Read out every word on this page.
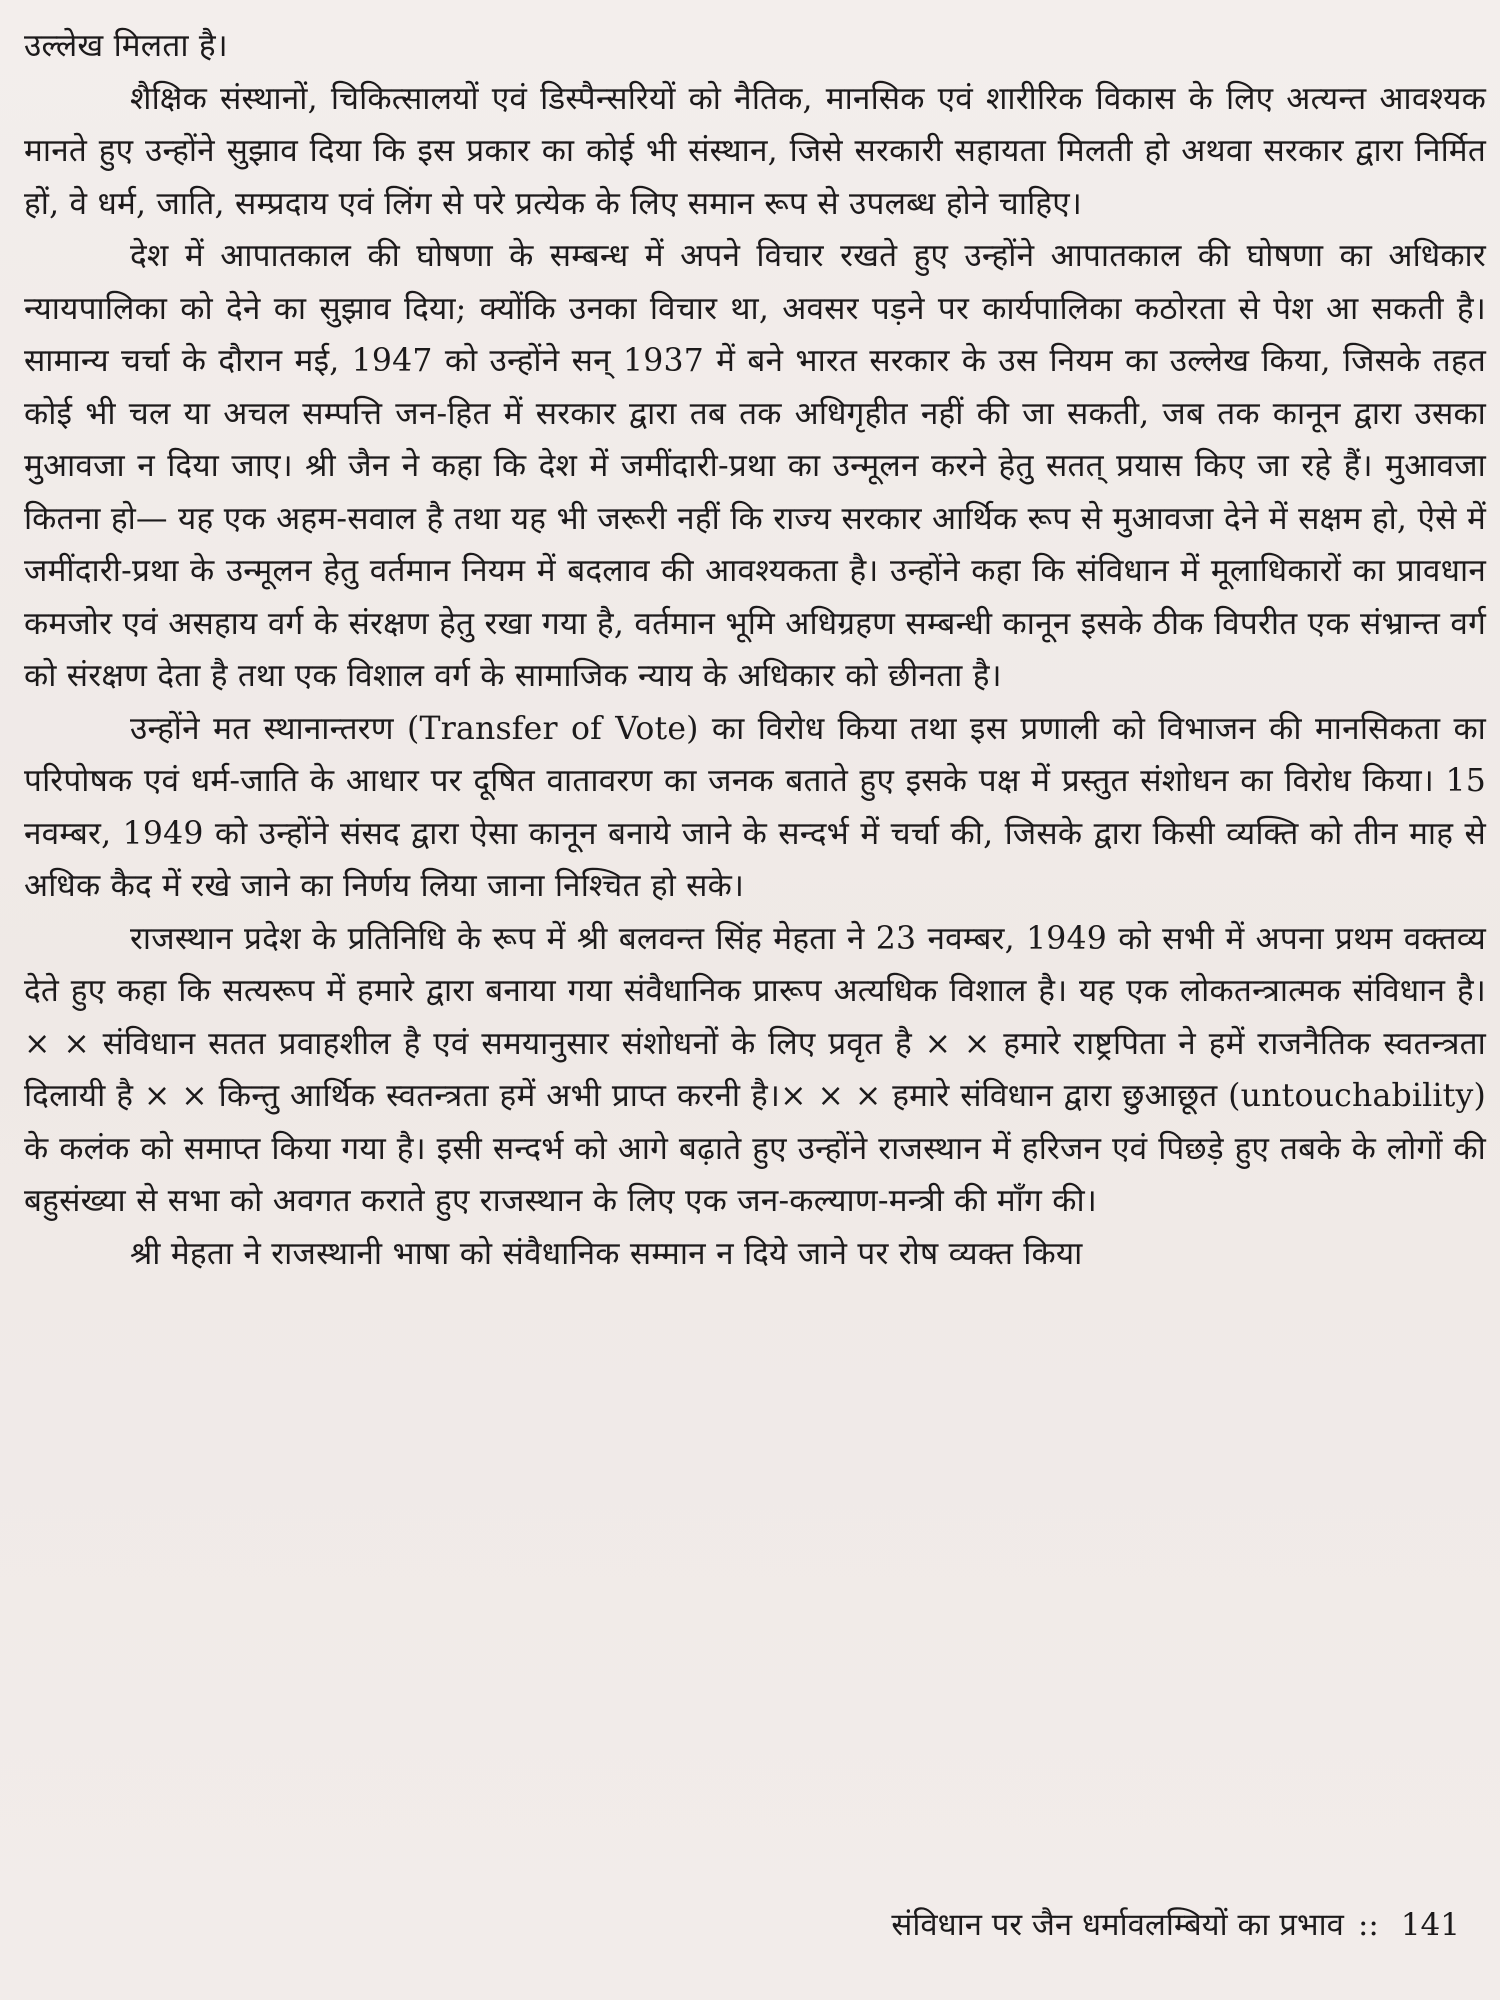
उल्लेख मिलता है।

शैक्षिक संस्थानों, चिकित्सालयों एवं डिस्पैन्सरियों को नैतिक, मानसिक एवं शारीरिक विकास के लिए अत्यन्त आवश्यक मानते हुए उन्होंने सुझाव दिया कि इस प्रकार का कोई भी संस्थान, जिसे सरकारी सहायता मिलती हो अथवा सरकार द्वारा निर्मित हों, वे धर्म, जाति, सम्प्रदाय एवं लिंग से परे प्रत्येक के लिए समान रूप से उपलब्ध होने चाहिए।

देश में आपातकाल की घोषणा के सम्बन्ध में अपने विचार रखते हुए उन्होंने आपातकाल की घोषणा का अधिकार न्यायपालिका को देने का सुझाव दिया; क्योंकि उनका विचार था, अवसर पड़ने पर कार्यपालिका कठोरता से पेश आ सकती है। सामान्य चर्चा के दौरान मई, 1947 को उन्होंने सन् 1937 में बने भारत सरकार के उस नियम का उल्लेख किया, जिसके तहत कोई भी चल या अचल सम्पत्ति जन-हित में सरकार द्वारा तब तक अधिगृहीत नहीं की जा सकती, जब तक कानून द्वारा उसका मुआवजा न दिया जाए। श्री जैन ने कहा कि देश में जमींदारी-प्रथा का उन्मूलन करने हेतु सतत् प्रयास किए जा रहे हैं। मुआवजा कितना हो— यह एक अहम-सवाल है तथा यह भी जरूरी नहीं कि राज्य सरकार आर्थिक रूप से मुआवजा देने में सक्षम हो, ऐसे में जमींदारी-प्रथा के उन्मूलन हेतु वर्तमान नियम में बदलाव की आवश्यकता है। उन्होंने कहा कि संविधान में मूलाधिकारों का प्रावधान कमजोर एवं असहाय वर्ग के संरक्षण हेतु रखा गया है, वर्तमान भूमि अधिग्रहण सम्बन्धी कानून इसके ठीक विपरीत एक संभ्रान्त वर्ग को संरक्षण देता है तथा एक विशाल वर्ग के सामाजिक न्याय के अधिकार को छीनता है।

उन्होंने मत स्थानान्तरण (Transfer of Vote) का विरोध किया तथा इस प्रणाली को विभाजन की मानसिकता का परिपोषक एवं धर्म-जाति के आधार पर दूषित वातावरण का जनक बताते हुए इसके पक्ष में प्रस्तुत संशोधन का विरोध किया। 15 नवम्बर, 1949 को उन्होंने संसद द्वारा ऐसा कानून बनाये जाने के सन्दर्भ में चर्चा की, जिसके द्वारा किसी व्यक्ति को तीन माह से अधिक कैद में रखे जाने का निर्णय लिया जाना निश्चित हो सके।

राजस्थान प्रदेश के प्रतिनिधि के रूप में श्री बलवन्त सिंह मेहता ने 23 नवम्बर, 1949 को सभी में अपना प्रथम वक्तव्य देते हुए कहा कि सत्यरूप में हमारे द्वारा बनाया गया संवैधानिक प्रारूप अत्यधिक विशाल है। यह एक लोकतन्त्रात्मक संविधान है। × × संविधान सतत प्रवाहशील है एवं समयानुसार संशोधनों के लिए प्रवृत है × × हमारे राष्ट्रपिता ने हमें राजनैतिक स्वतन्त्रता दिलायी है × × किन्तु आर्थिक स्वतन्त्रता हमें अभी प्राप्त करनी है।× × × हमारे संविधान द्वारा छुआछूत (untouchability) के कलंक को समाप्त किया गया है। इसी सन्दर्भ को आगे बढ़ाते हुए उन्होंने राजस्थान में हरिजन एवं पिछड़े हुए तबके के लोगों की बहुसंख्या से सभा को अवगत कराते हुए राजस्थान के लिए एक जन-कल्याण-मन्त्री की माँग की।

श्री मेहता ने राजस्थानी भाषा को संवैधानिक सम्मान न दिये जाने पर रोष व्यक्त किया

संविधान पर जैन धर्मावलम्बियों का प्रभाव :: 141
